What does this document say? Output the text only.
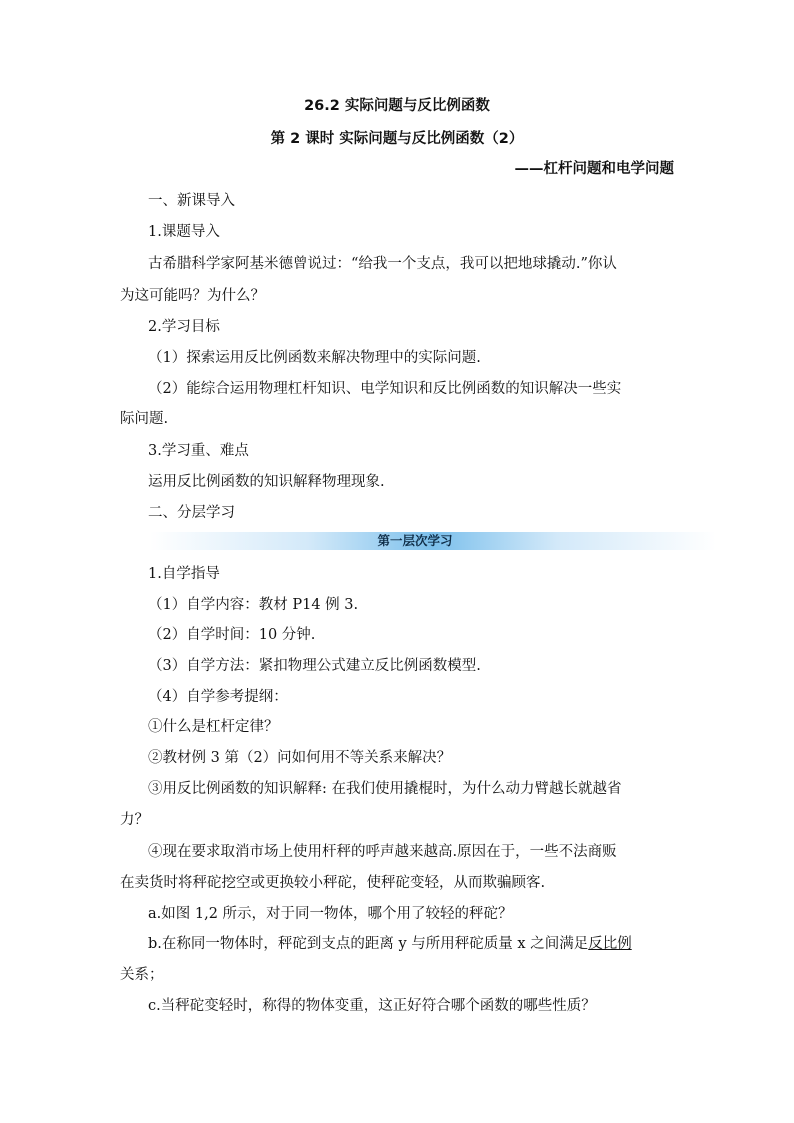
26.2 实际问题与反比例函数
第 2 课时 实际问题与反比例函数（2）
——杠杆问题和电学问题
一、新课导入
1.课题导入
古希腊科学家阿基米德曾说过：“给我一个支点，我可以把地球撬动.”你认
为这可能吗？为什么？
2.学习目标
（1）探索运用反比例函数来解决物理中的实际问题.
（2）能综合运用物理杠杆知识、电学知识和反比例函数的知识解决一些实
际问题.
3.学习重、难点
运用反比例函数的知识解释物理现象.
二、分层学习
第一层次学习
1.自学指导
（1）自学内容：教材 P14 例 3.
（2）自学时间：10 分钟.
（3）自学方法：紧扣物理公式建立反比例函数模型.
（4）自学参考提纲：
①什么是杠杆定律？
②教材例 3 第（2）问如何用不等关系来解决？
③用反比例函数的知识解释: 在我们使用撬棍时，为什么动力臂越长就越省
力？
④现在要求取消市场上使用杆秤的呼声越来越高.原因在于，一些不法商贩
在卖货时将秤砣挖空或更换较小秤砣，使秤砣变轻，从而欺骗顾客.
a.如图 1,2 所示，对于同一物体，哪个用了较轻的秤砣？
b.在称同一物体时，秤砣到支点的距离 y 与所用秤砣质量 x 之间满足反比例
关系；
c.当秤砣变轻时，称得的物体变重，这正好符合哪个函数的哪些性质？
